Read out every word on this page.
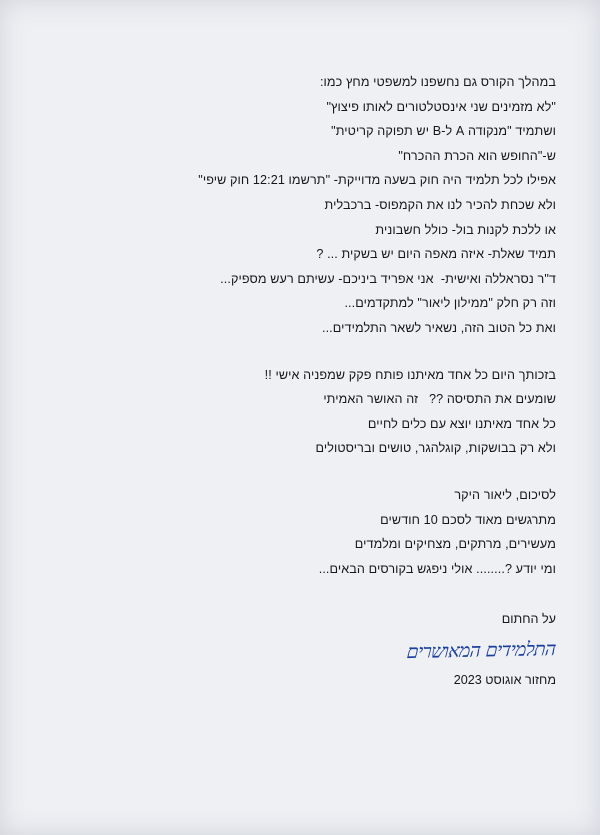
במהלך הקורס גם נחשפנו למשפטי מחץ כמו:
"לא מזמינים שני אינסטלטורים לאותו פיצוץ"
ושתמיד "מנקודה A ל-B יש תפוקה קריטית"
ש-"החופש הוא הכרת ההכרח"
אפילו לכל תלמיד היה חוק בשעה מדוייקת- "תרשמו 12:21 חוק שיפי"
ולא שכחת להכיר לנו את הקמפוס- ברכבלית
או ללכת לקנות בול- כולל חשבונית
תמיד שאלת- איזה מאפה היום יש בשקית ... ?
ד"ר נסראללה ואישית-  אני אפריד ביניכם- עשיתם רעש מספיק...
וזה רק חלק "ממילון ליאור" למתקדמים...
ואת כל הטוב הזה, נשאיר לשאר התלמידים...
בזכותך היום כל אחד מאיתנו פותח פקק שמפניה אישי !!
שומעים את התסיסה ??   זה האושר האמיתי
כל אחד מאיתנו יוצא עם כלים לחיים
ולא רק בבושקות, קוגלהגר, טושים ובריסטולים
לסיכום, ליאור היקר
מתרגשים מאוד לסכם 10 חודשים
מעשירים, מרתקים, מצחיקים ומלמדים
ומי יודע ?........ אולי ניפגש בקורסים הבאים...
על החתום
התלמידים המאושרים
מחזור אוגוסט 2023
